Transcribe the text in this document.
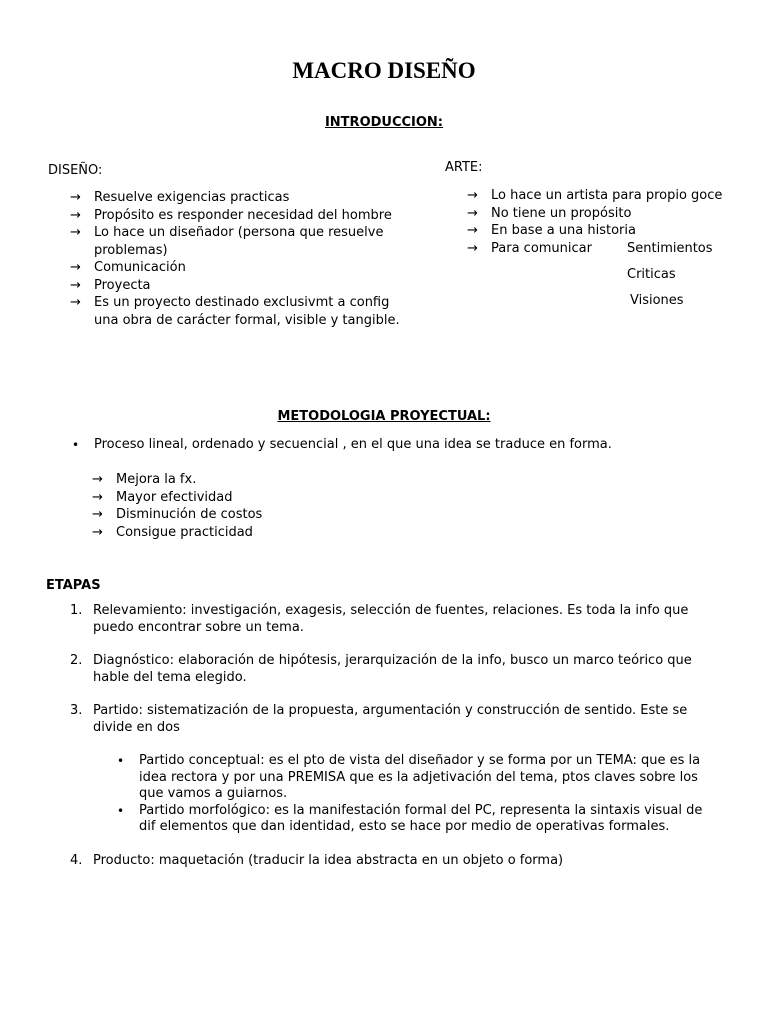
MACRO DISEÑO
INTRODUCCION:
DISEÑO:	ARTE:
→ Resuelve exigencias practicas
→ Propósito es responder necesidad del hombre
→ Lo hace un diseñador (persona que resuelve problemas)
→ Comunicación
→ Proyecta
→ Es un proyecto destinado exclusivmt a config una obra de carácter formal, visible y tangible.
→ Lo hace un artista para propio goce
→ No tiene un propósito
→ En base a una historia
→ Para comunicar	Sentimientos
Criticas
Visiones
METODOLOGIA PROYECTUAL:
• Proceso lineal, ordenado y secuencial , en el que una idea se traduce en forma.
→ Mejora la fx.
→ Mayor efectividad
→ Disminución de costos
→ Consigue practicidad
ETAPAS
1. Relevamiento: investigación, exagesis, selección de fuentes, relaciones. Es toda la info que puedo encontrar sobre un tema.
2. Diagnóstico: elaboración de hipótesis, jerarquización de la info, busco un marco teórico que hable del tema elegido.
3. Partido: sistematización de la propuesta, argumentación y construcción de sentido. Este se divide en dos
• Partido conceptual: es el pto de vista del diseñador y se forma por un TEMA: que es la idea rectora y por una PREMISA que es la adjetivación del tema, ptos claves sobre los que vamos a guiarnos.
• Partido morfológico: es la manifestación formal del PC, representa la sintaxis visual de dif elementos que dan identidad, esto se hace por medio de operativas formales.
4. Producto: maquetación (traducir la idea abstracta en un objeto o forma)
